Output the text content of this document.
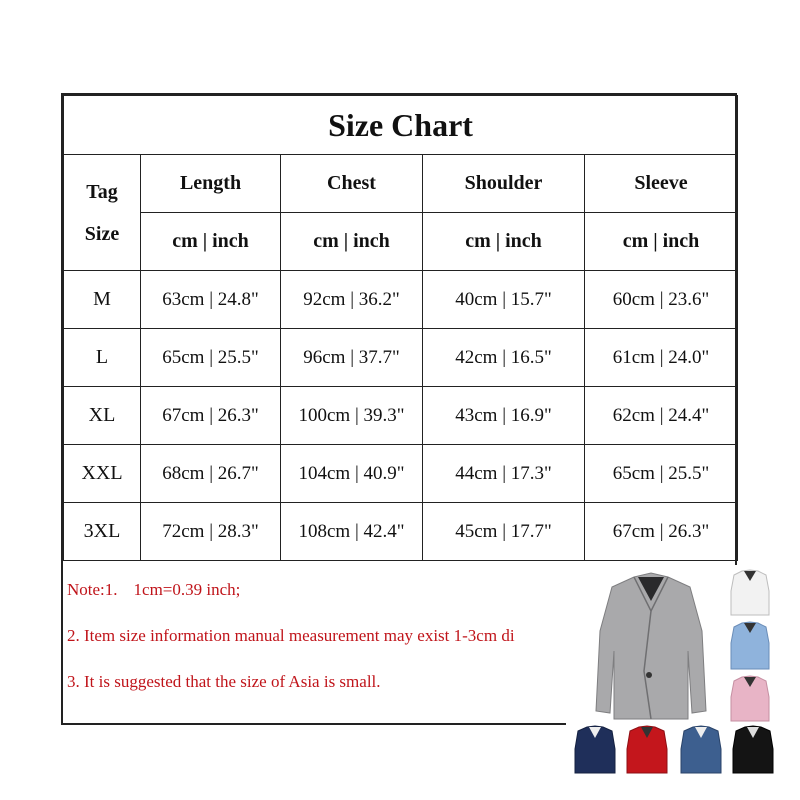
Size Chart				

Tag
Size	Length	Chest	Shoulder	Sleeve
	cm | inch	cm | inch	cm | inch	cm | inch
M	63cm | 24.8"	92cm | 36.2"	40cm | 15.7"	60cm | 23.6"
L	65cm | 25.5"	96cm | 37.7"	42cm | 16.5"	61cm | 24.0"
XL	67cm | 26.3"	100cm | 39.3"	43cm | 16.9"	62cm | 24.4"
XXL	68cm | 26.7"	104cm | 40.9"	44cm | 17.3"	65cm | 25.5"
3XL	72cm | 28.3"	108cm | 42.4"	45cm | 17.7"	67cm | 26.3"
Note:1. 1cm=0.39 inch;
2. Item size information manual measurement may exist 1-3cm di
3. It is suggested that the size of Asia is small.
